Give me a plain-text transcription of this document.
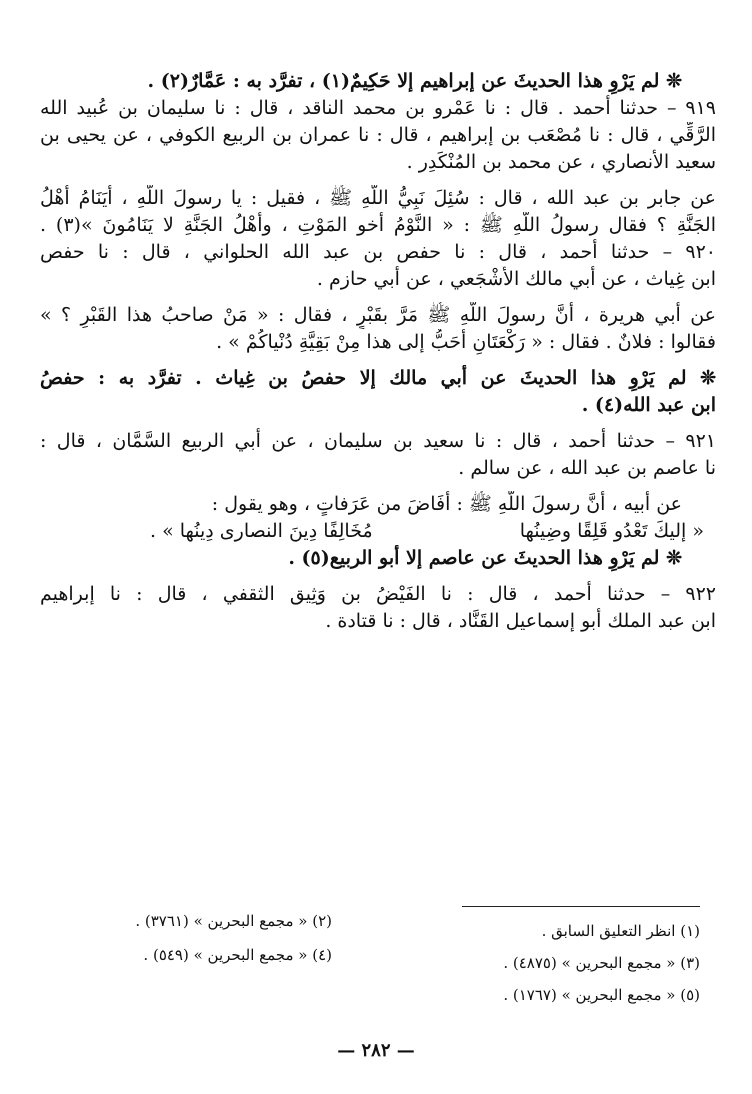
❊ لم يَرْوِ هذا الحديثَ عن إبراهيم إلا حَكِيمٌ(١) ، تفرَّد به : عَمَّارٌ(٢) .
٩١٩ – حدثنا أحمد . قال : نا عَمْرو بن محمد الناقد ، قال : نا سليمان بن عُبيد الله
الرَّقِّي ، قال : نا مُصْعَب بن إبراهيم ، قال : نا عمران بن الربيع الكوفي ، عن يحيى بن
سعيد الأنصاري ، عن محمد بن المُنْكَدِر .
عن جابر بن عبد الله ، قال : سُئِلَ نَبِيُّ اللَّهِ ﷺ ، فقيل : يا رسولَ اللَّهِ ، أَيَنَامُ أَهْلُ
الجَنَّةِ ؟ فقال رسولُ اللَّهِ ﷺ : « النَّوْمُ أخو المَوْتِ ، وأَهْلُ الجَنَّةِ لا يَنَامُونَ »(٣) .
٩٢٠ – حدثنا أحمد ، قال : نا حفص بن عبد الله الحلواني ، قال : نا حفص
ابن غِياث ، عن أبي مالك الأَشْجَعي ، عن أبي حازم .
عن أبي هريرة ، أنَّ رسولَ اللَّهِ ﷺ مَرَّ بقَبْرٍ ، فقال : « مَنْ صاحبُ هذا القَبْرِ ؟ »
فقالوا : فلانٌ . فقال : « رَكْعَتَانِ أَحَبُّ إلى هذا مِنْ بَقِيَّةِ دُنْياكُمْ » .
❊ لم يَرْوِ هذا الحديثَ عن أبي مالك إلا حفصُ بن غِياث . تفرَّد به : حفصُ
ابن عبد الله(٤) .
٩٢١ – حدثنا أحمد ، قال : نا سعيد بن سليمان ، عن أبي الربيع السَّمَّان ، قال :
نا عاصم بن عبد الله ، عن سالم .
عن أبيه ، أنَّ رسولَ اللَّهِ ﷺ : أَفَاضَ من عَرَفاتٍ ، وهو يقول :
« إليكَ تَعْدُو قَلِقًا وضِينُها
مُخَالِفًا دِينَ النصارى دِينُها » .
❊ لم يَرْوِ هذا الحديثَ عن عاصم إلا أبو الربيع(٥) .
٩٢٢ – حدثنا أحمد ، قال : نا الفَيْضُ بن وَثِيق الثقفي ، قال : نا إبراهيم
ابن عبد الملك أبو إسماعيل القَنَّاد ، قال : نا قتادة .
(١) انظر التعليق السابق .
(٢) « مجمع البحرين » (٣٧٦١) .
(٣) « مجمع البحرين » (٤٨٧٥) .
(٤) « مجمع البحرين » (٥٤٩) .
(٥) « مجمع البحرين » (١٧٦٧) .
— ٢٨٢ —
